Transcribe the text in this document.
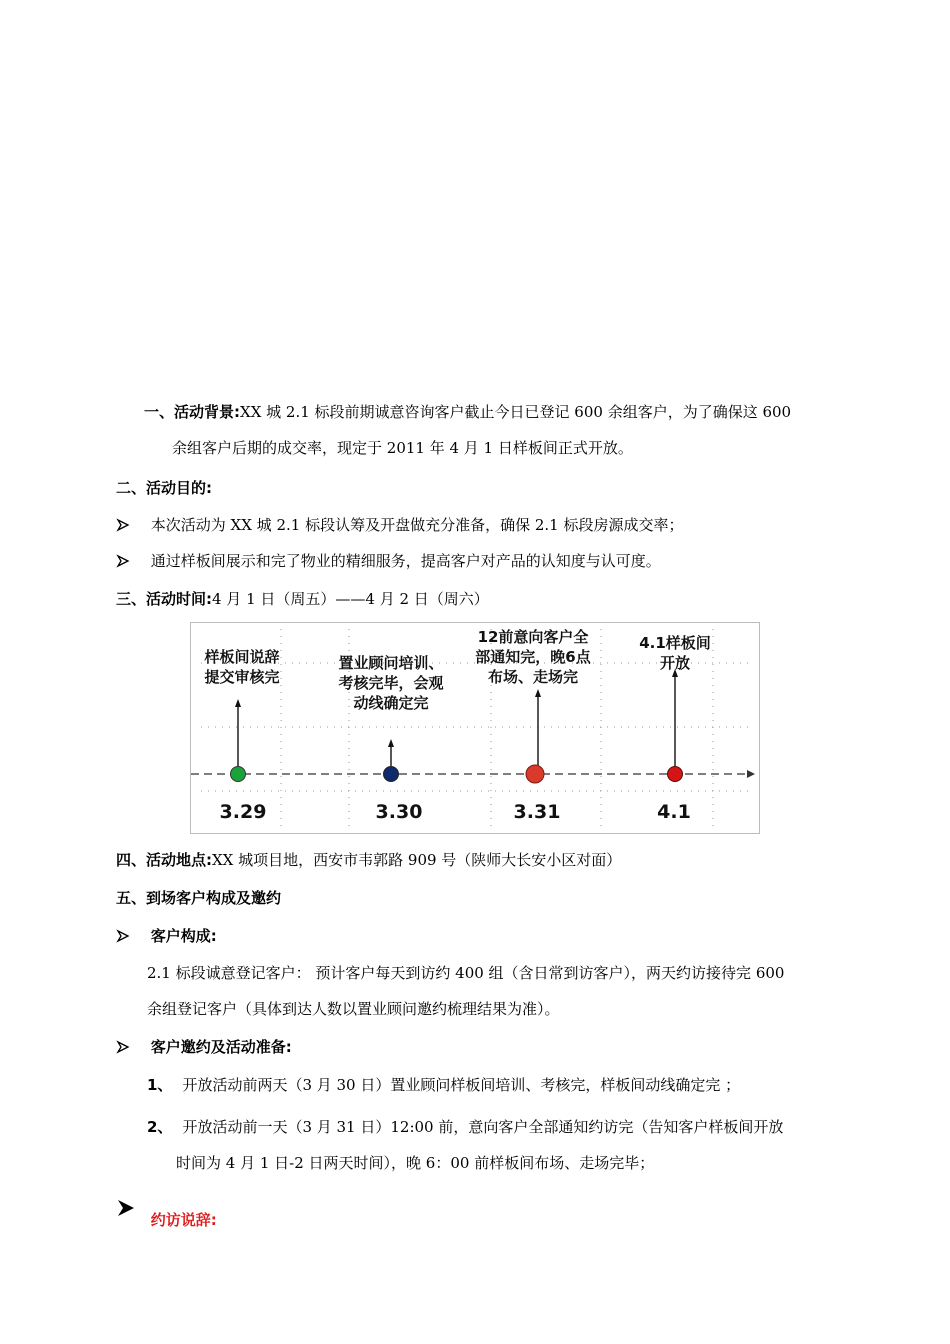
一、活动背景:XX 城 2.1 标段前期诚意咨询客户截止今日已登记 600 余组客户，为了确保这 600
余组客户后期的成交率，现定于 2011 年 4 月 1 日样板间正式开放。
二、活动目的:
本次活动为 XX 城 2.1 标段认筹及开盘做充分准备，确保 2.1 标段房源成交率；
通过样板间展示和完了物业的精细服务，提高客户对产品的认知度与认可度。
三、活动时间:4 月 1 日（周五）——4 月 2 日（周六）
样板间说辞
提交审核完
置业顾问培训、
考核完毕，会观
动线确定完
12前意向客户全
部通知完，晚6点
布场、走场完
4.1样板间
开放
3.29	3.30	3.31	4.1
四、活动地点:XX 城项目地，西安市韦郭路 909 号（陕师大长安小区对面）
五、到场客户构成及邀约
客户构成:
2.1 标段诚意登记客户： 预计客户每天到访约 400 组（含日常到访客户），两天约访接待完 600
余组登记客户（具体到达人数以置业顾问邀约梳理结果为准）。
客户邀约及活动准备:
1、 开放活动前两天（3 月 30 日）置业顾问样板间培训、考核完，样板间动线确定完 ；
2、 开放活动前一天（3 月 31 日）12:00 前，意向客户全部通知约访完（告知客户样板间开放
时间为 4 月 1 日-2 日两天时间），晚 6：00 前样板间布场、走场完毕；
约访说辞:
